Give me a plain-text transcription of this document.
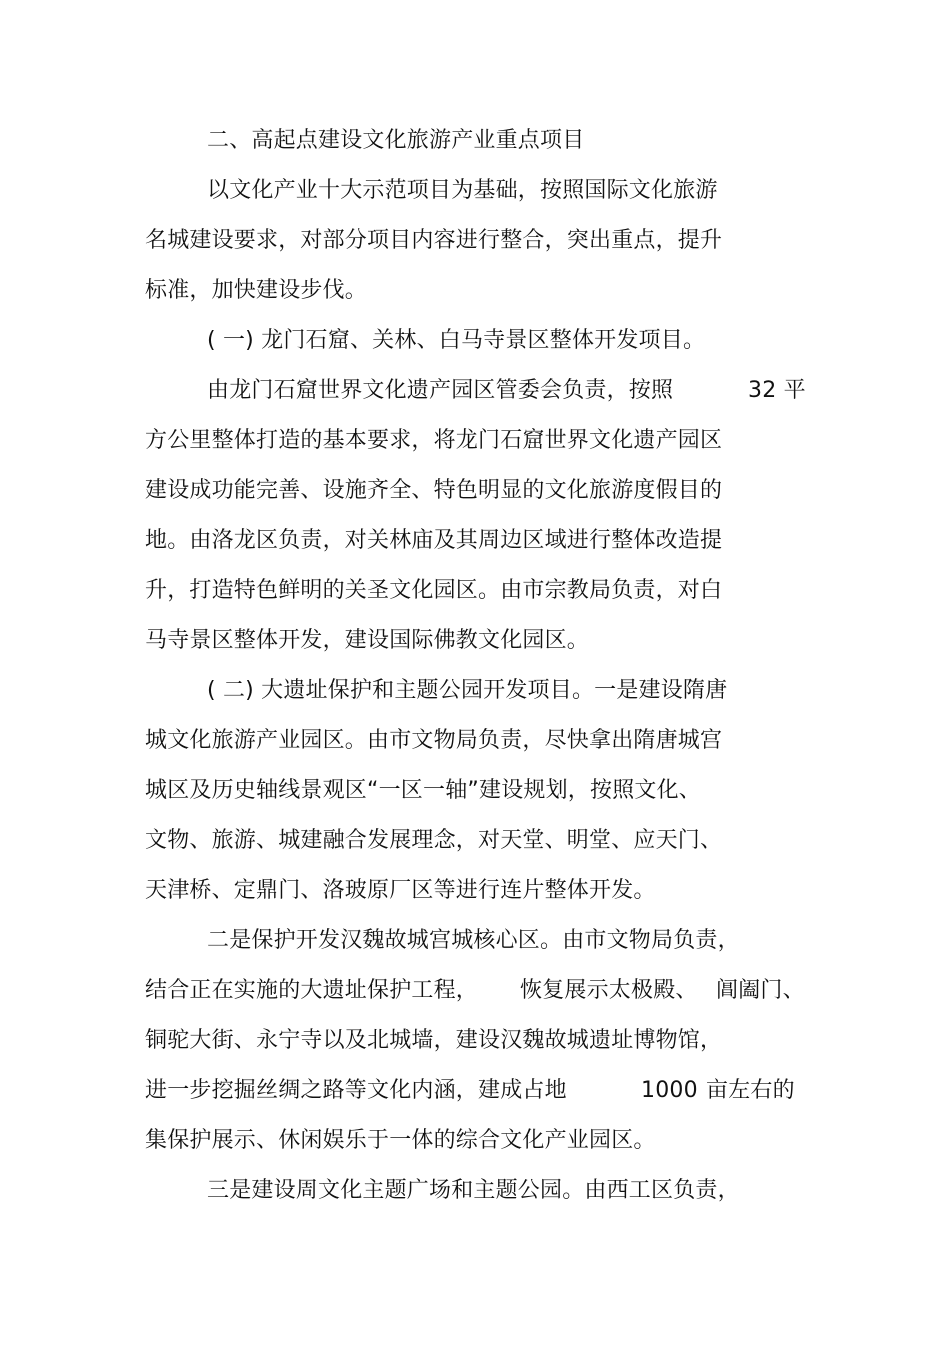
二、高起点建设文化旅游产业重点项目
以文化产业十大示范项目为基础，按照国际文化旅游
名城建设要求，对部分项目内容进行整合，突出重点，提升
标准，加快建设步伐。
( 一) 龙门石窟、关林、白马寺景区整体开发项目。
由龙门石窟世界文化遗产园区管委会负责，按照	32 平
方公里整体打造的基本要求，将龙门石窟世界文化遗产园区
建设成功能完善、设施齐全、特色明显的文化旅游度假目的
地。由洛龙区负责，对关林庙及其周边区域进行整体改造提
升，打造特色鲜明的关圣文化园区。由市宗教局负责，对白
马寺景区整体开发，建设国际佛教文化园区。
( 二) 大遗址保护和主题公园开发项目。一是建设隋唐
城文化旅游产业园区。由市文物局负责，尽快拿出隋唐城宫
城区及历史轴线景观区“一区一轴”建设规划，按照文化、
文物、旅游、城建融合发展理念，对天堂、明堂、应天门、
天津桥、定鼎门、洛玻原厂区等进行连片整体开发。
二是保护开发汉魏故城宫城核心区。由市文物局负责，
结合正在实施的大遗址保护工程， 恢复展示太极殿、 阊阖门、
铜驼大街、永宁寺以及北城墙，建设汉魏故城遗址博物馆，
进一步挖掘丝绸之路等文化内涵，建成占地	1000 亩左右的
集保护展示、休闲娱乐于一体的综合文化产业园区。
三是建设周文化主题广场和主题公园。由西工区负责，
